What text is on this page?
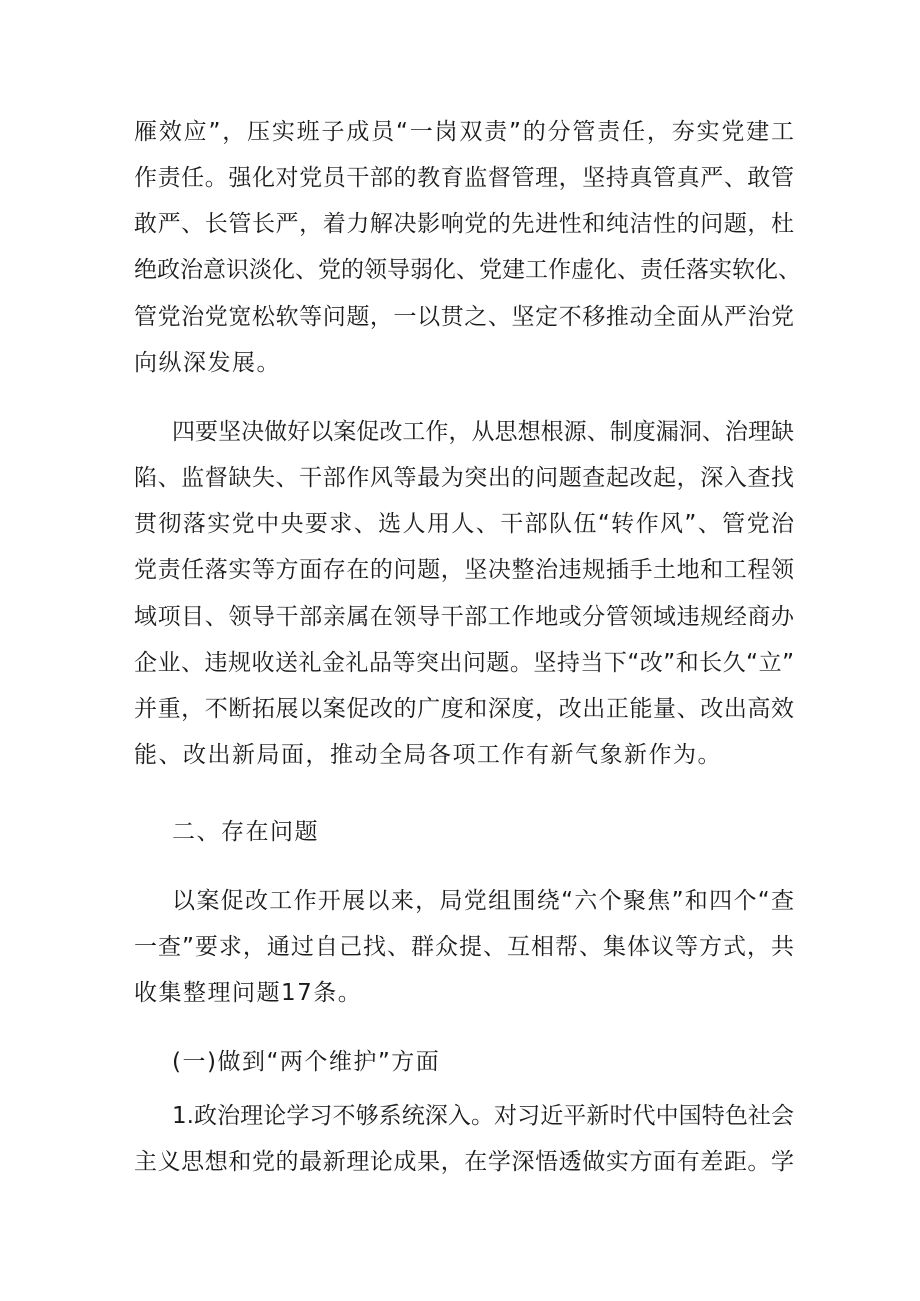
雁效应”，压实班子成员“一岗双责”的分管责任，夯实党建工
作责任。强化对党员干部的教育监督管理，坚持真管真严、敢管
敢严、长管长严，着力解决影响党的先进性和纯洁性的问题，杜
绝政治意识淡化、党的领导弱化、党建工作虚化、责任落实软化、
管党治党宽松软等问题，一以贯之、坚定不移推动全面从严治党
向纵深发展。
四要坚决做好以案促改工作，从思想根源、制度漏洞、治理缺
陷、监督缺失、干部作风等最为突出的问题查起改起，深入查找
贯彻落实党中央要求、选人用人、干部队伍“转作风”、管党治
党责任落实等方面存在的问题，坚决整治违规插手土地和工程领
域项目、领导干部亲属在领导干部工作地或分管领域违规经商办
企业、违规收送礼金礼品等突出问题。坚持当下“改”和长久“立”
并重，不断拓展以案促改的广度和深度，改出正能量、改出高效
能、改出新局面，推动全局各项工作有新气象新作为。
二、存在问题
以案促改工作开展以来，局党组围绕“六个聚焦”和四个“查
一查”要求，通过自己找、群众提、互相帮、集体议等方式，共
收集整理问题17条。
(一)做到“两个维护”方面
1.政治理论学习不够系统深入。对习近平新时代中国特色社会
主义思想和党的最新理论成果，在学深悟透做实方面有差距。学
